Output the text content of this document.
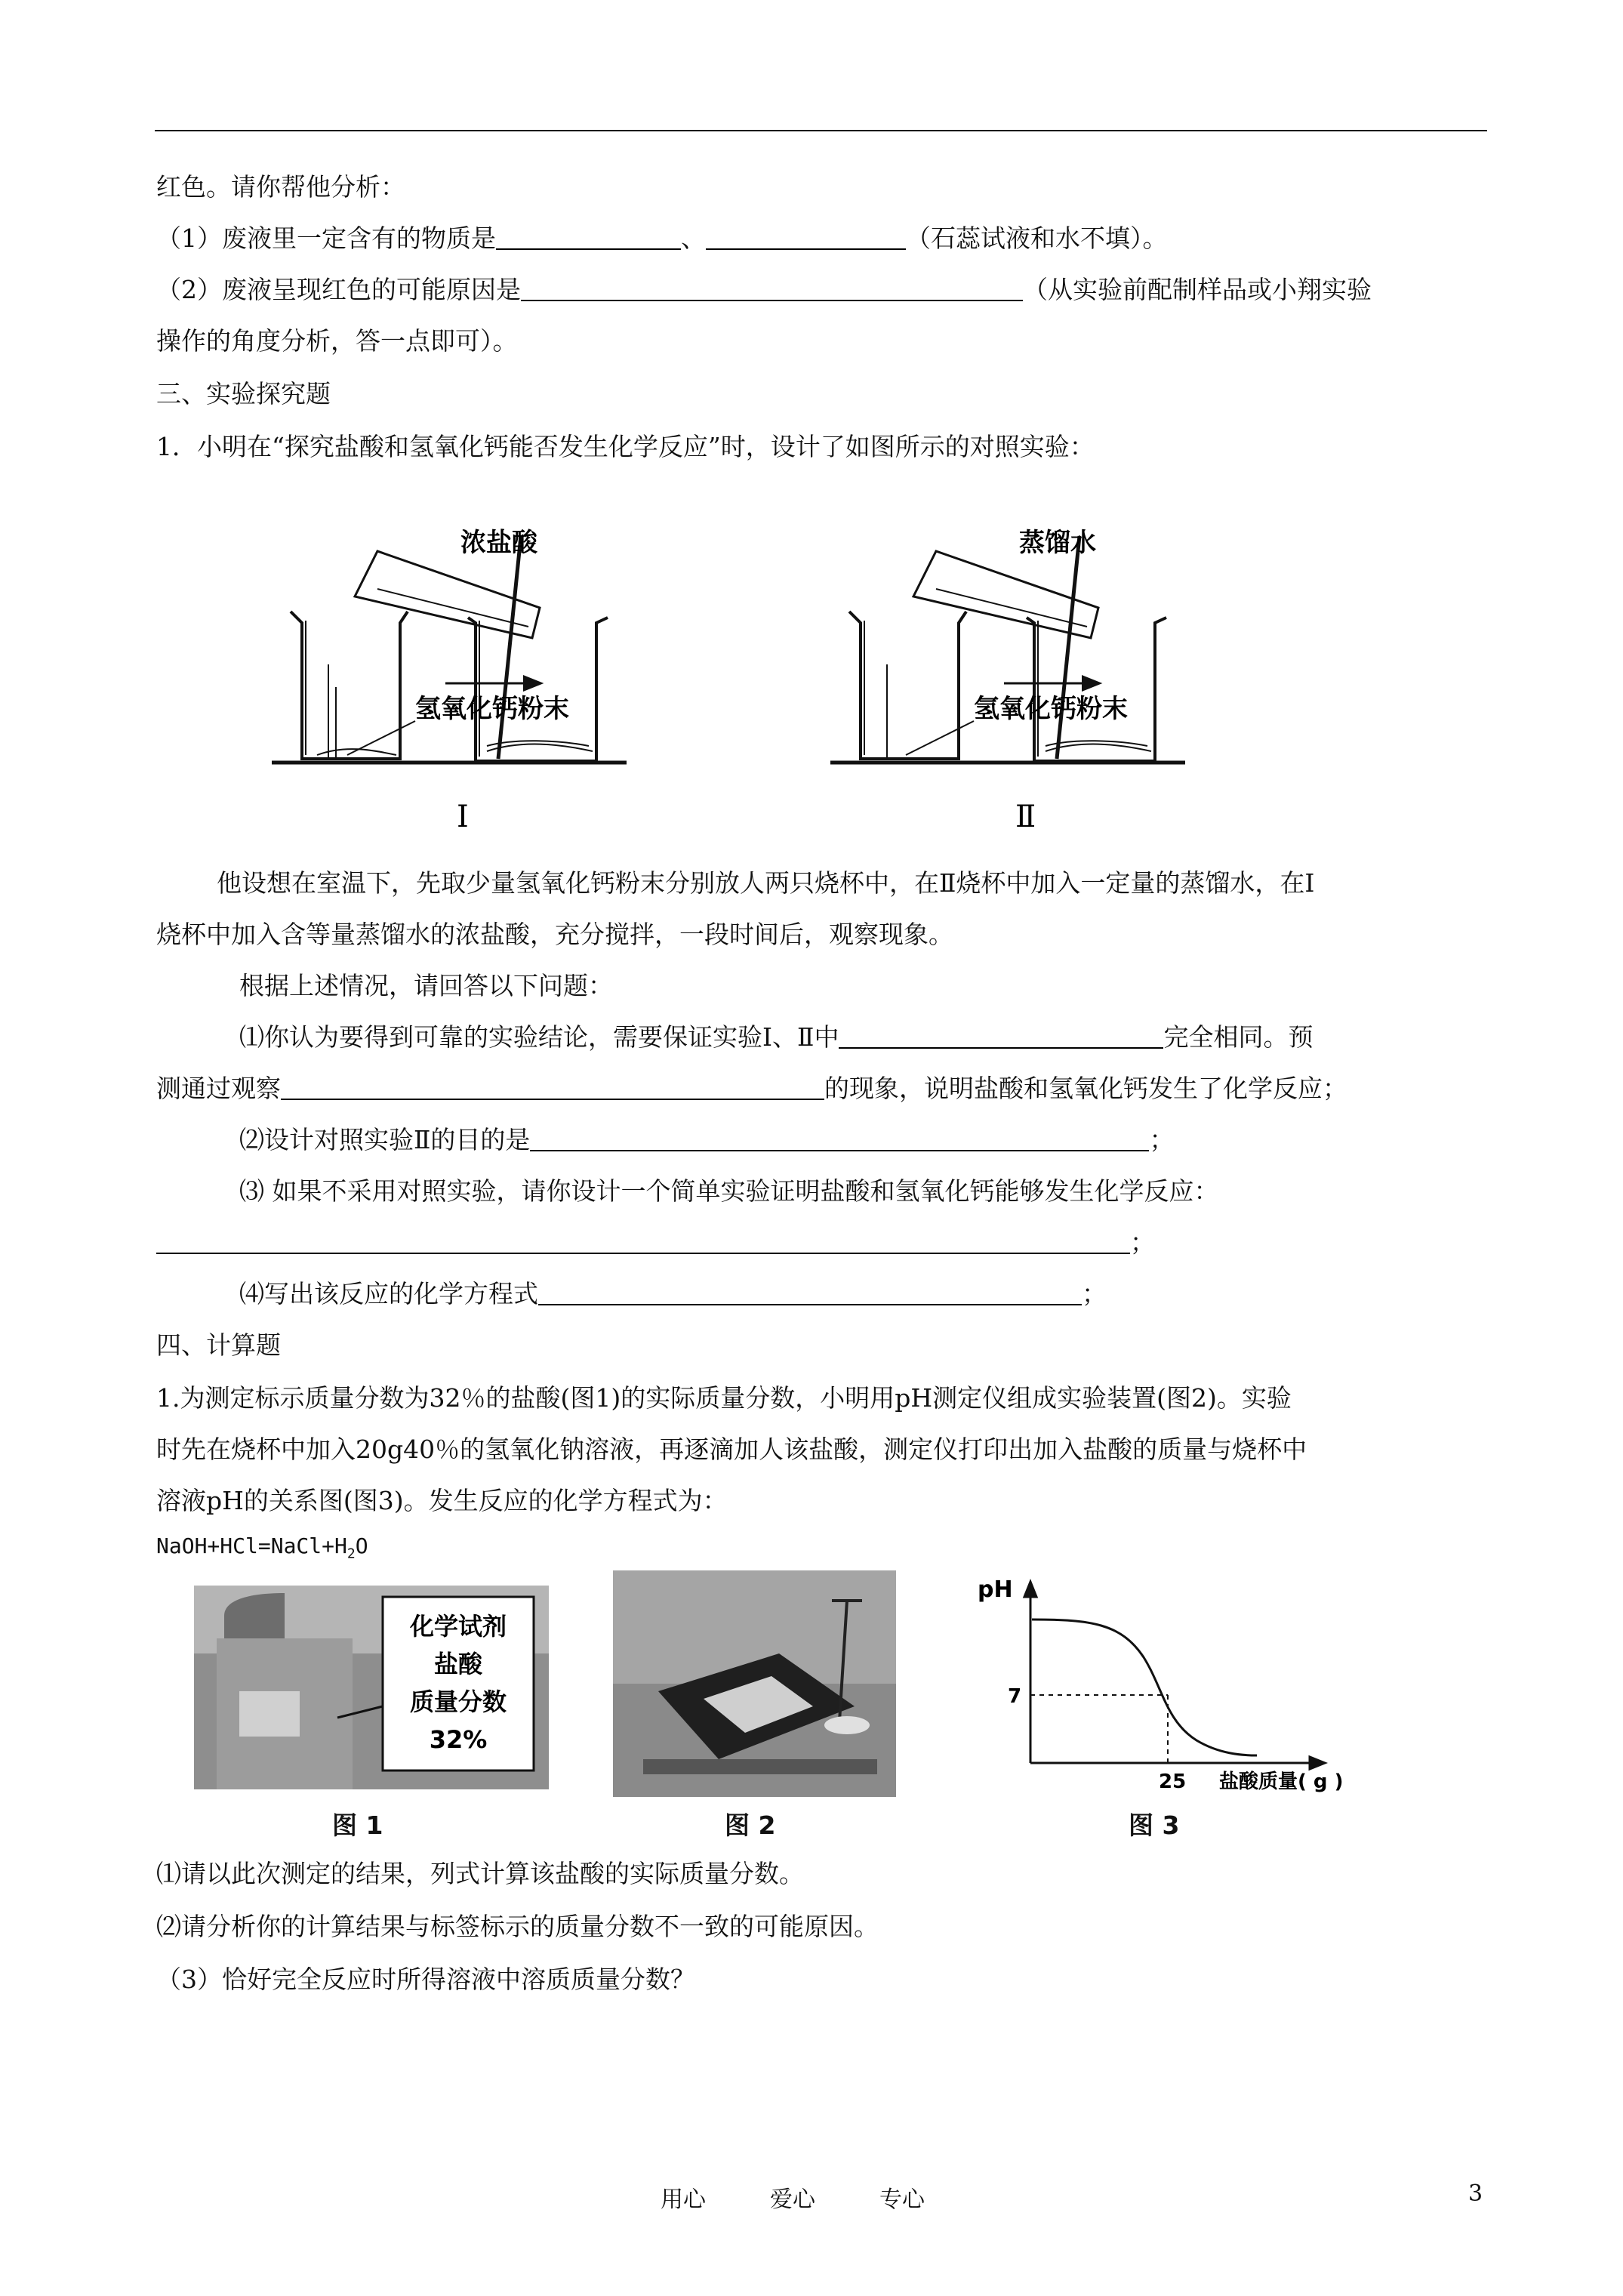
红色。请你帮他分析：
（1）废液里一定含有的物质是	、	（石蕊试液和水不填）。
（2）废液呈现红色的可能原因是	（从实验前配制样品或小翔实验
操作的角度分析，答一点即可）。
三、实验探究题
1．小明在“探究盐酸和氢氧化钙能否发生化学反应”时，设计了如图所示的对照实验：
浓盐酸
氢氧化钙粉末
蒸馏水
氢氧化钙粉末
Ⅰ	Ⅱ
他设想在室温下，先取少量氢氧化钙粉末分别放人两只烧杯中，在Ⅱ烧杯中加入一定量的蒸馏水，在Ⅰ
烧杯中加入含等量蒸馏水的浓盐酸，充分搅拌，一段时间后，观察现象。
根据上述情况，请回答以下问题：
⑴你认为要得到可靠的实验结论，需要保证实验Ⅰ、Ⅱ中	完全相同。预
测通过观察	的现象，说明盐酸和氢氧化钙发生了化学反应；
⑵设计对照实验Ⅱ的目的是	；
⑶ 如果不采用对照实验，请你设计一个简单实验证明盐酸和氢氧化钙能够发生化学反应：
；
⑷写出该反应的化学方程式	；
四、计算题
1.为测定标示质量分数为32％的盐酸(图1)的实际质量分数，小明用pH测定仪组成实验装置(图2)。实验
时先在烧杯中加入20g40％的氢氧化钠溶液，再逐滴加人该盐酸，测定仪打印出加入盐酸的质量与烧杯中
溶液pH的关系图(图3)。发生反应的化学方程式为：
$NaOH+HCl=NaCl+H_2O$
化学试剂
盐酸
质量分数
32%
pH
7
25 盐酸质量( g )
图 1	图 2	图 3
⑴请以此次测定的结果，列式计算该盐酸的实际质量分数。
⑵请分析你的计算结果与标签标示的质量分数不一致的可能原因。
（3）恰好完全反应时所得溶液中溶质质量分数？
用心	爱心	专心	3
